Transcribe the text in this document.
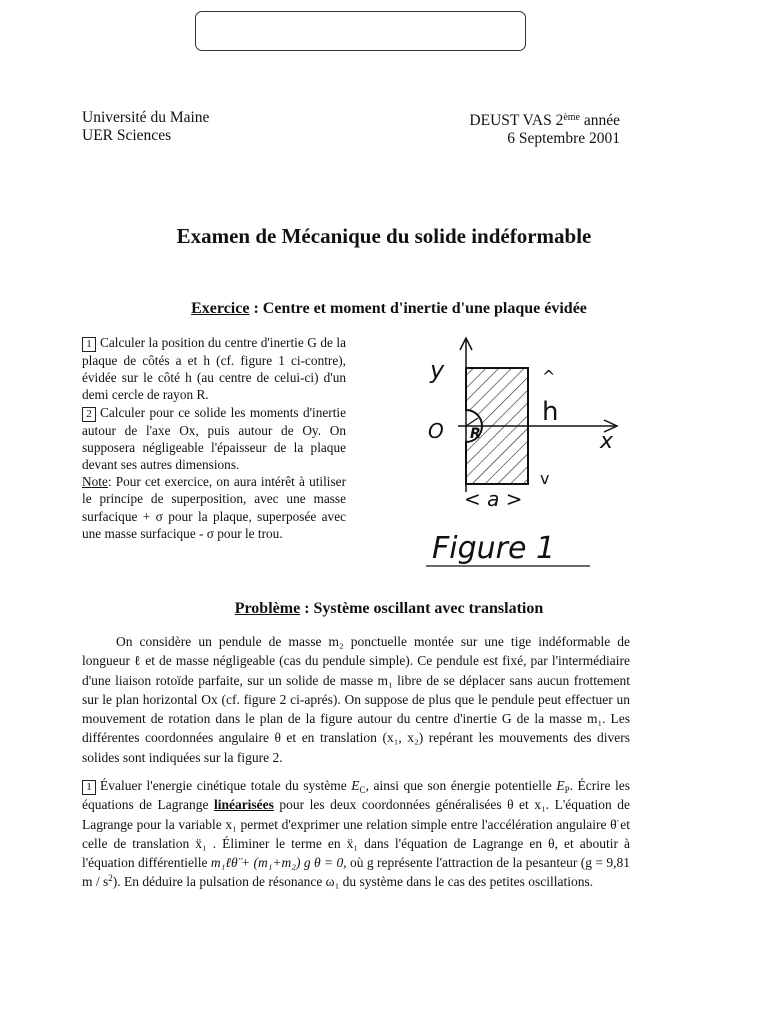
Université du Maine
UER Sciences
DEUST VAS 2ème année
6 Septembre 2001
Examen de Mécanique du solide indéformable
Exercice : Centre et moment d'inertie d'une plaque évidée

1 Calculer la position du centre d'inertie G de la plaque de côtés a et h (cf. figure 1 ci-contre), évidée sur le côté h (au centre de celui-ci) d'un demi cercle de rayon R.

2 Calculer pour ce solide les moments d'inertie autour de l'axe Ox, puis autour de Oy. On supposera négligeable l'épaisseur de la plaque devant ses autres dimensions.

Note: Pour cet exercice, on aura intérêt à utiliser le principe de superposition, avec une masse surfacique + σ pour la plaque, superposée avec une masse surfacique - σ pour le trou.

y
x
O R
^
h
v
< a >
Figure 1
Problème : Système oscillant avec translation
On considère un pendule de masse m₂ ponctuelle montée sur une tige indéformable de longueur ℓ et de masse négligeable (cas du pendule simple). Ce pendule est fixé, par l'intermédiaire d'une liaison rotoïde parfaite, sur un solide de masse m₁ libre de se déplacer sans aucun frottement sur le plan horizontal Ox (cf. figure 2 ci-aprés). On suppose de plus que le pendule peut effectuer un mouvement de rotation dans le plan de la figure autour du centre d'inertie G de la masse m₁. Les différentes coordonnées angulaire θ et en translation (x₁, x₂) repérant les mouvements des divers solides sont indiquées sur la figure 2.
1 Évaluer l'energie cinétique totale du système $E_C$, ainsi que son énergie potentielle $E_P$. Écrire les équations de Lagrange linéarisées pour les deux coordonnées généralisées θ et x₁. L'équation de Lagrange pour la variable x₁ permet d'exprimer une relation simple entre l'accélération angulaire θ̈ et celle de translation ẍ₁ . Éliminer le terme en ẍ₁ dans l'équation de Lagrange en θ, et aboutir à l'équation différentielle m₁ℓθ̈ + (m₁+m₂) g θ = 0, où g représente l'attraction de la pesanteur (g = 9,81 m / $s^2$). En déduire la pulsation de résonance ω₁ du système dans le cas des petites oscillations.
